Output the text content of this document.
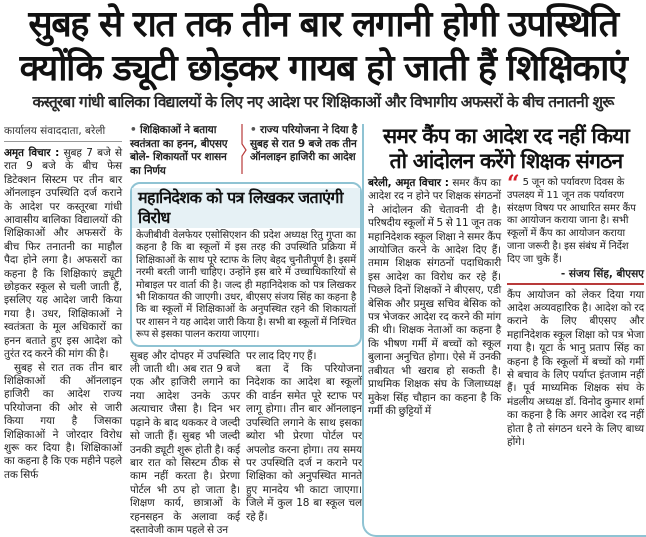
सुबह से रात तक तीन बार लगानी होगी उपस्थिति
क्योंकि ड्यूटी छोड़कर गायब हो जाती हैं शिक्षिकाएं
कस्तूरबा गांधी बालिका विद्यालयों के लिए नए आदेश पर शिक्षिकाओं और विभागीय अफसरों के बीच तनातनी शुरू
कार्यालय संवाददाता, बरेली

अमृत विचार : सुबह 7 बजे से रात 9 बजे के बीच फेस डिटेक्शन सिस्टम पर तीन बार ऑनलाइन उपस्थिति दर्ज कराने के आदेश पर कस्तूरबा गांधी आवासीय बालिका विद्यालयों की शिक्षिकाओं और अफसरों के बीच फिर तनातनी का माहौल पैदा होने लगा है। अफसरों का कहना है कि शिक्षिकाएं ड्यूटी छोड़कर स्कूल से चली जाती हैं, इसलिए यह आदेश जारी किया गया है। उधर, शिक्षिकाओं ने स्वतंत्रता के मूल अधिकारों का हनन बताते हुए इस आदेश को तुरंत रद करने की मांग की है।

सुबह से रात तक तीन बार शिक्षिकाओं की ऑनलाइन हाजिरी का आदेश राज्य परियोजना की ओर से जारी किया गया है जिसका शिक्षिकाओं ने जोरदार विरोध शुरू कर दिया है। शिक्षिकाओं का कहना है कि एक महीने पहले तक सिर्फ

• शिक्षिकाओं ने बताया स्वतंत्रता का हनन, बीएसए बोले- शिकायतों पर शासन का निर्णय
• राज्य परियोजना ने दिया है सुबह से रात 9 बजे तक तीन ऑनलाइन हाजिरी का आदेश
महानिदेशक को पत्र लिखकर जताएंगी विरोध
केजीबीवी वेलफेयर एसोसिएशन की प्रदेश अध्यक्ष रितु गुप्ता का कहना है कि बा स्कूलों में इस तरह की उपस्थिति प्रक्रिया में शिक्षिकाओं के साथ पूरे स्टाफ के लिए बेहद चुनौतीपूर्ण है। इसमें नरमी बरती जानी चाहिए। उन्होंने इस बारे में उच्चाधिकारियों से मोबाइल पर वार्ता की है। जल्द ही महानिदेशक को पत्र लिखकर भी शिकायत की जाएगी। उधर, बीएसए संजय सिंह का कहना है कि बा स्कूलों में शिक्षिकाओं के अनुपस्थित रहने की शिकायतों पर शासन ने यह आदेश जारी किया है। सभी बा स्कूलों में निश्चित रूप से इसका पालन कराया जाएगा।
सुबह और दोपहर में उपस्थिति ली जाती थी। अब रात 9 बजे एक और हाजिरी लगाने का नया आदेश उनके ऊपर अत्याचार जैसा है। दिन भर पढ़ाने के बाद थककर वे जल्दी सो जाती हैं। सुबह भी जल्दी उनकी ड्यूटी शुरू होती है। कई बार रात को सिस्टम ठीक से काम नहीं करता है। प्रेरणा पोर्टल भी ठप हो जाता है। शिक्षण कार्य, छात्राओं के रहनसहन के अलावा कई दस्तावेजी काम पहले से उन

पर लाद दिए गए हैं।

बता दें कि परियोजना निदेशक का आदेश बा स्कूलों की वार्डन समेत पूरे स्टाफ पर लागू होगा। तीन बार ऑनलाइन उपस्थिति लगाने के साथ इसका ब्योरा भी प्रेरणा पोर्टल पर अपलोड करना होगा। तय समय पर उपस्थिति दर्ज न कराने पर शिक्षिका को अनुपस्थित मानते हुए मानदेय भी काटा जाएगा। जिले में कुल 18 बा स्कूल चल रहे हैं।

समर कैंप का आदेश रद नहीं किया
तो आंदोलन करेंगे शिक्षक संगठन
बरेली, अमृत विचार : समर कैंप का आदेश रद न होने पर शिक्षक संगठनों ने आंदोलन की चेतावनी दी है। परिषदीय स्कूलों में 5 से 11 जून तक महानिदेशक स्कूल शिक्षा ने समर कैंप आयोजित करने के आदेश दिए हैं। तमाम शिक्षक संगठनों पदाधिकारी इस आदेश का विरोध कर रहे हैं। पिछले दिनों शिक्षकों ने बीएसए, एडी बेसिक और प्रमुख सचिव बेसिक को पत्र भेजकर आदेश रद करने की मांग की थी। शिक्षक नेताओं का कहना है कि भीषण गर्मी में बच्चों को स्कूल बुलाना अनुचित होगा। ऐसे में उनकी तबीयत भी खराब हो सकती है। प्राथमिक शिक्षक संघ के जिलाध्यक्ष मुकेश सिंह चौहान का कहना है कि गर्मी की छुट्टियों में
“ 5 जून को पर्यावरण दिवस के उपलक्ष्य में 11 जून तक पर्यावरण संरक्षण विषय पर आधारित समर कैंप का आयोजन कराया जाना है। सभी स्कूलों में कैंप का आयोजन कराया जाना जरूरी है। इस संबंध में निर्देश दिए जा चुके हैं।
- संजय सिंह, बीएसए
कैंप आयोजन को लेकर दिया गया आदेश अव्यवहारिक है। आदेश को रद कराने के लिए बीएसए और महानिदेशक स्कूल शिक्षा को पत्र भेजा गया है। यूटा के भानु प्रताप सिंह का कहना है कि स्कूलों में बच्चों को गर्मी से बचाव के लिए पर्याप्त इंतजाम नहीं हैं। पूर्व माध्यमिक शिक्षक संघ के मंडलीय अध्यक्ष डॉ. विनोद कुमार शर्मा का कहना है कि अगर आदेश रद नहीं होता है तो संगठन धरने के लिए बाध्य होंगे।
